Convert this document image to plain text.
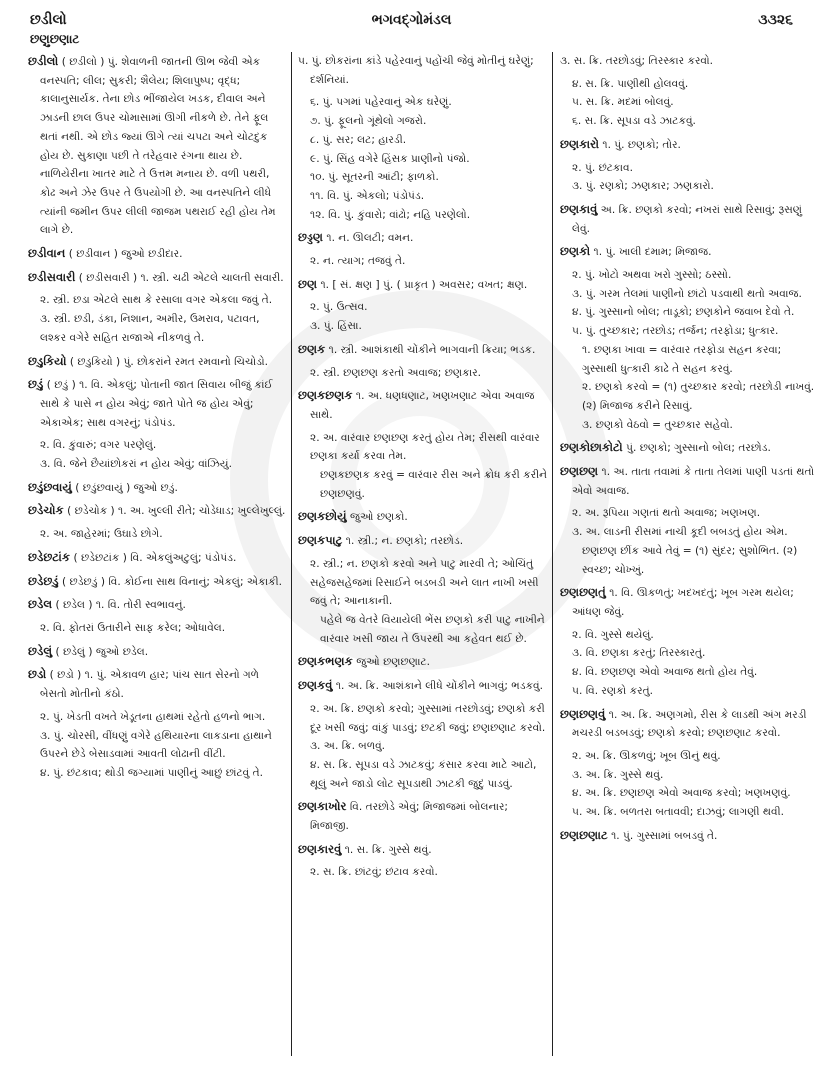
છડીલો	ભગવદ્ગોમંડલ	૩૩૨૬
છણુછણાટ
છડીલો ( છડીલો ) પું. શેવાળની જાતની ઊભ જેવી એક વનસ્પતિ; લીલ; સુકરી; શૈલેય; શિલાપુષ્પ; વૃદ્ધ; કાલાનુસાર્યક. તેના છોડ ભીંજાયેલ ખડક, દીવાલ અને ઝાડની છાલ ઉપર ચોમાસામાં ઊગી નીકળે છે. તેને ફૂલ થતાં નથી. એ છોડ જ્યાં ઊગે ત્યાં ચપટા અને ચોટદુક હોય છે. સુકાણા પછી તે તરેહવાર રંગના થાય છે. નાળિયેરીના ખાતર માટે તે ઉત્તમ મનાય છે. વળી પથરી, કોઢ અને ઝેર ઉપર તે ઉપયોગી છે. આ વનસ્પતિને લીધે ત્યાંની જમીન ઉપર લીલી જાજમ પથરાઈ રહી હોય તેમ લાગે છે.
છડીવાન ( છડીવાન ) જુઓ છડીદાર.
છડીસવારી ( છડીસવારી ) ૧. સ્ત્રી. ચઢી એટલે ચાલતી સવારી.
૨. સ્ત્રી. છડા એટલે સાથ કે રસાલા વગર એકલા જવું તે.
૩. સ્ત્રી. છડી, ડંકા, નિશાન, અમીર, ઉમરાવ, પટાવત, લશ્કર વગેરે સહિત રાજાએ નીકળવું તે.
છડુકિયો ( છડુકિયો ) પું. છોકરાંને રમત રમવાનો ચિચોડો.
છડું ( છડું ) ૧. વિ. એકલું; પોતાની જાત સિવાય બીજું કાંઈ સાથે કે પાસે ન હોય એવું; જાતે પોતે જ હોય એવું; એકાએક; સાથ વગરનું; પંડોપંડ.
૨. વિ. કુંવારું; વગર પરણેલું.
૩. વિ. જેને છૈયાંછોકરાં ન હોય એવું; વાંઝિયું.
છડુંછવાયું ( છડુંછવાયું ) જુઓ છડું.
છડેચોક ( છડેચોક ) ૧. અ. ખુલ્લી રીતે; ચોડેધાડ; ખુલ્લેખુલ્લું.
૨. અ. જાહેરમાં; ઉઘાડે છોગે.
છડેછટાંક ( છડેછટાંક ) વિ. એકલુંઅટુલું; પંડોપંડ.
છડેછડું ( છડેછડું ) વિ. કોઈના સાથ વિનાનું; એકલું; એકાકી.
છડેલ ( છડેલ ) ૧. વિ. તોરી સ્વભાવનું.
૨. વિ. ફોતરાં ઉતારીને સાફ કરેલ; ઓધાવેલ.
છડેલું ( છડેલું ) જુઓ છડેલ.
છડો ( છડો ) ૧. પું. એકાવળ હાર; પાંચ સાત સેરનો ગળે બેસતો મોતીનો કંઠો.
૨. પું. ખેડતી વખતે ખેડૂતના હાથમાં રહેતો હળનો ભાગ.
૩. પું. ચોરસી, વીંધણું વગેરે હથિયારના લાકડાના હાથાને ઉપરને છેડે બેસાડવામાં આવતી લોઢાની વીંટી.
૪. પું. છંટકાવ; થોડી જગ્યામાં પાણીનું આછું છાંટવું તે.
૫. પું. છોકરાંના કાંડે પહેરવાનું પહોંચી જેવું મોતીનું ઘરેણું; દર્શનિયાં.
૬. પું. પગમાં પહેરવાનું એક ઘરેણું.
૭. પું. ફૂલનો ગૂંથેલો ગજરો.
૮. પું. સર; લટ; હારડી.
૯. પું. સિંહ વગેરે હિંસક પ્રાણીનો પંજો.
૧૦. પું. સૂતરની આંટી; ફાળકો.
૧૧. વિ. પું. એકલો; પંડોપંડ.
૧૨. વિ. પું. કુંવારો; વાંઢો; નહિ પરણેલો.
છડ્ડણ ૧. ન. ઊલટી; વમન.
૨. ન. ત્યાગ; તજવું તે.
છણ ૧. [ સં. ક્ષણ ] પું. ( પ્રાકૃત ) અવસર; વખત; ક્ષણ.
૨. પું. ઉત્સવ.
૩. પું. હિંસા.
છણક ૧. સ્ત્રી. આશંકાથી ચોંકીને ભાગવાની ક્રિયા; ભડક.
૨. સ્ત્રી. છણછણ કરતો અવાજ; છણકાર.
છણકછણક ૧. અ. ધણધણાટ, ખણખણાટ એવા અવાજ સાથે.
૨. અ. વારંવાર છણછણ કરતું હોય તેમ; રીસથી વારંવાર છણકા કર્યા કરવા તેમ.
છણકછણક કરવું = વારંવાર રીસ અને ક્રોધ કરી કરીને છણછણવું.
છણકછોયું જુઓ છણકો.
છણકપાટુ ૧. સ્ત્રી.; ન. છણકો; તરછોડ.
૨. સ્ત્રી.; ન. છણકો કરવો અને પાટુ મારવી તે; ઓચિંતું સહેજસહેજમાં રિસાઈને બડબડી અને લાત નાખી ખસી જવું તે; આનાકાની.
પહેલે જ વેતરે વિયાયેલી ભેંસ છણકો કરી પાટુ નાખીને વારંવાર ખસી જાય તે ઉપરથી આ કહેવત થઈ છે.
છણકભણક જુઓ છણછણાટ.
છણકવું ૧. અ. ક્રિ. આશંકાને લીધે ચોંકીને ભાગવું; ભડકવું.
૨. અ. ક્રિ. છણકો કરવો; ગુસ્સામાં તરછોડવું; છણકો કરી દૂર ખસી જવું; વાંકું પાડવું; છટકી જવું; છણછણાટ કરવો.
૩. અ. ક્રિ. બળવું.
૪. સ. ક્રિ. સૂપડા વડે ઝાટકવું; કંસાર કરવા માટે આટો, થૂલું અને જાડો લોટ સૂપડાથી ઝાટકી જુદું પાડવું.
છણકાખોર વિ. તરછોડે એવું; મિજાજમાં બોલનાર; મિજાજી.
છણકારવું ૧. સ. ક્રિ. ગુસ્સે થવું.
૨. સ. ક્રિ. છાંટવું; છંટાવ કરવો.
૩. સ. ક્રિ. તરછોડવું; તિરસ્કાર કરવો.
૪. સ. ક્રિ. પાણીથી હોલવવું.
૫. સ. ક્રિ. મદમાં બોલવું.
૬. સ. ક્રિ. સૂપડા વડે ઝાટકવું.
છણકારો ૧. પું. છણકો; તોર.
૨. પું. છંટકાવ.
૩. પું. રણકો; ઝણકાર; ઝણકારો.
છણકાવું અ. ક્રિ. છણકો કરવો; નખરાં સાથે રિસાવું; રૂસણું લેવું.
છણકો ૧. પું. ખાલી દમામ; મિજાજ.
૨. પું. ખોટો અથવા ખરો ગુસ્સો; ઠસ્સો.
૩. પું. ગરમ તેલમાં પાણીનો છાંટો પડવાથી થતો અવાજ.
૪. પું. ગુસ્સાનો બોલ; તાડૂકો; છણકોને જવાબ દેવો તે.
૫. પું. તુચ્છકાર; તરછોડ; તર્જન; તરફોડા; ધુત્કાર.
૧. છણકા ખાવા = વારંવાર તરફોડા સહન કરવા; ગુસ્સાથી ધુત્કારી કાઢે તે સહન કરવું.
૨. છણકો કરવો = (૧) તુચ્છકાર કરવો; તરછોડી નાખવું. (૨) મિજાજ કરીને રિસાવું.
૩. છણકો વેઠવો = તુચ્છકાર સહેવો.
છણકોછાકોટો પું. છણકો; ગુસ્સાનો બોલ; તરછોડ.
છણછણ ૧. અ. તાતા તવામાં કે તાતા તેલમાં પાણી પડતાં થતો એવો અવાજ.
૨. અ. રૂપિયા ગણતાં થતો અવાજ; ખણખણ.
૩. અ. લાડની રીસમાં નાચી કૂદી બબડતું હોય એમ.
છણછણ છીંક આવે તેવું = (૧) સુંદર; સુશોભિત. (૨) સ્વચ્છ; ચોખ્ખું.
છણછણતું ૧. વિ. ઊકળતું; ખદખદતું; ખૂબ ગરમ થયેલ; આંધણ જેવું.
૨. વિ. ગુસ્સે થયેલું.
૩. વિ. છણકા કરતું; તિરસ્કારતું.
૪. વિ. છણછણ એવો અવાજ થતો હોય તેવું.
૫. વિ. રણકો કરતું.
છણછણવું ૧. અ. ક્રિ. અણગમો, રીસ કે લાડથી અંગ મરડી મચરડી બડબડવું; છણકો કરવો; છણછણાટ કરવો.
૨. અ. ક્રિ. ઊકળવું; ખૂબ ઊનું થવું.
૩. અ. ક્રિ. ગુસ્સે થવું.
૪. અ. ક્રિ. છણછણ એવો અવાજ કરવો; ખણખણવું.
૫. અ. ક્રિ. બળતરા બતાવવી; દાઝવું; લાગણી થવી.
છણછણાટ ૧. પું. ગુસ્સામાં બબડવું તે.
